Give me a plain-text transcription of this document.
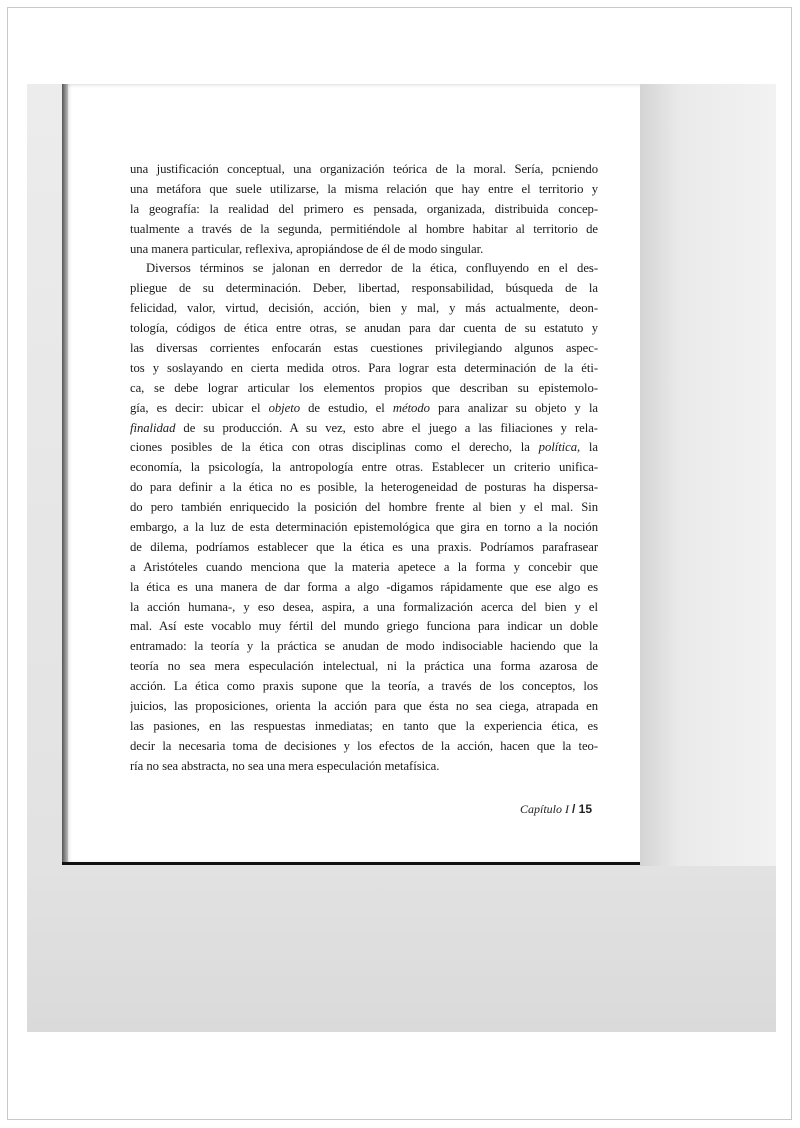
una justificación conceptual, una organización teórica de la moral. Sería, pcniendo
una metáfora que suele utilizarse, la misma relación que hay entre el territorio y
la geografía: la realidad del primero es pensada, organizada, distribuida concep-
tualmente a través de la segunda, permitiéndole al hombre habitar al territorio de
una manera particular, reflexiva, apropiándose de él de modo singular.
Diversos términos se jalonan en derredor de la ética, confluyendo en el des-
pliegue de su determinación. Deber, libertad, responsabilidad, búsqueda de la
felicidad, valor, virtud, decisión, acción, bien y mal, y más actualmente, deon-
tología, códigos de ética entre otras, se anudan para dar cuenta de su estatuto y
las diversas corrientes enfocarán estas cuestiones privilegiando algunos aspec-
tos y soslayando en cierta medida otros. Para lograr esta determinación de la éti-
ca, se debe lograr articular los elementos propios que describan su epistemolo-
gía, es decir: ubicar el objeto de estudio, el método para analizar su objeto y la
finalidad de su producción. A su vez, esto abre el juego a las filiaciones y rela-
ciones posibles de la ética con otras disciplinas como el derecho, la política, la
economía, la psicología, la antropología entre otras. Establecer un criterio unifica-
do para definir a la ética no es posible, la heterogeneidad de posturas ha dispersa-
do pero también enriquecido la posición del hombre frente al bien y el mal. Sin
embargo, a la luz de esta determinación epistemológica que gira en torno a la noción
de dilema, podríamos establecer que la ética es una praxis. Podríamos parafrasear
a Aristóteles cuando menciona que la materia apetece a la forma y concebir que
la ética es una manera de dar forma a algo -digamos rápidamente que ese algo es
la acción humana-, y eso desea, aspira, a una formalización acerca del bien y el
mal. Así este vocablo muy fértil del mundo griego funciona para indicar un doble
entramado: la teoría y la práctica se anudan de modo indisociable haciendo que la
teoría no sea mera especulación intelectual, ni la práctica una forma azarosa de
acción. La ética como praxis supone que la teoría, a través de los conceptos, los
juicios, las proposiciones, orienta la acción para que ésta no sea ciega, atrapada en
las pasiones, en las respuestas inmediatas; en tanto que la experiencia ética, es
decir la necesaria toma de decisiones y los efectos de la acción, hacen que la teo-
ría no sea abstracta, no sea una mera especulación metafísica.
Capítulo I / 15
